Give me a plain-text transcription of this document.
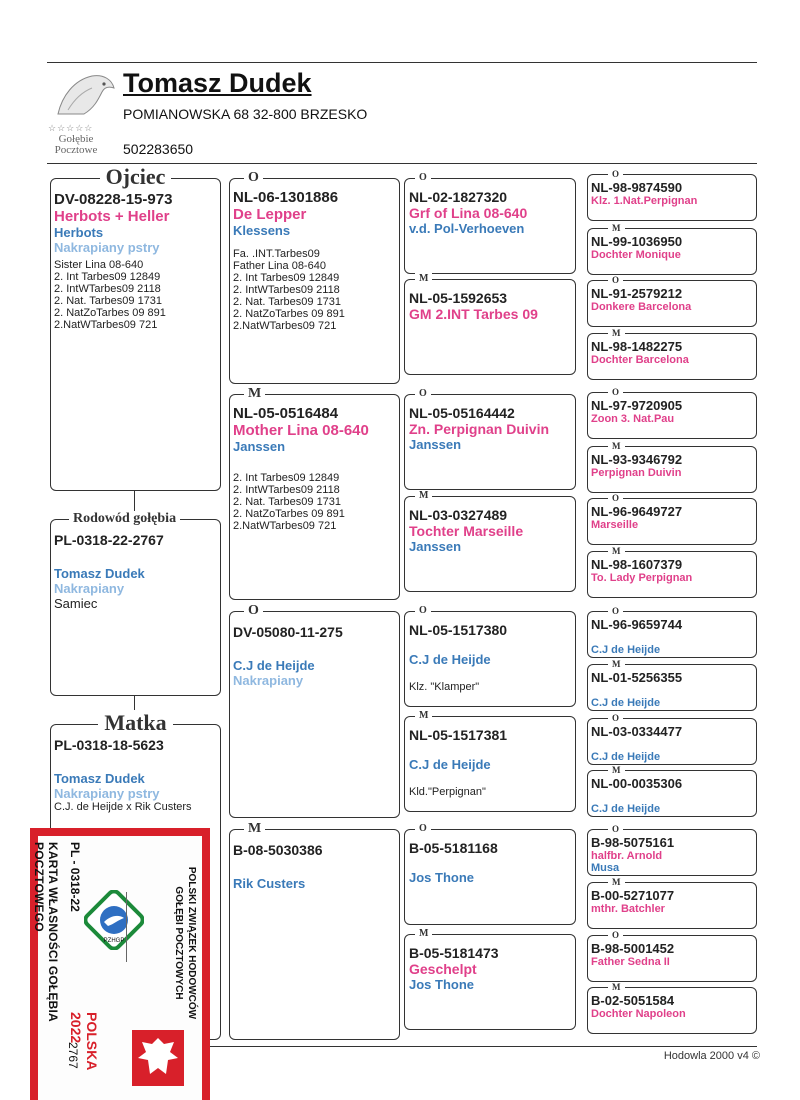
☆☆☆☆☆
Gołębie
Pocztowe
Tomasz Dudek
POMIANOWSKA 68 32-800 BRZESKO
502283650
Ojciec
DV-08228-15-973
Herbots + Heller
Herbots
Nakrapiany pstry
Sister Lina 08-640
2. Int Tarbes09 12849
2. IntWTarbes09 2118
2. Nat. Tarbes09 1731
2. NatZoTarbes 09 891
2.NatWTarbes09 721
Rodowód gołębia
PL-0318-22-2767
Tomasz Dudek
Nakrapiany
Samiec
Matka
PL-0318-18-5623
Tomasz Dudek
Nakrapiany pstry
C.J. de Heijde x Rik Custers
O
NL-06-1301886
De Lepper
Klessens
Fa. .INT.Tarbes09
Father Lina 08-640
2. Int Tarbes09 12849
2. IntWTarbes09 2118
2. Nat. Tarbes09 1731
2. NatZoTarbes 09 891
2.NatWTarbes09 721
M
NL-05-0516484
Mother Lina 08-640
Janssen
2. Int Tarbes09 12849
2. IntWTarbes09 2118
2. Nat. Tarbes09 1731
2. NatZoTarbes 09 891
2.NatWTarbes09 721
O
DV-05080-11-275
C.J de Heijde
Nakrapiany
M
B-08-5030386
Rik Custers
O
NL-02-1827320
Grf of Lina 08-640
v.d. Pol-Verhoeven
M
NL-05-1592653
GM 2.INT Tarbes 09
O
NL-05-05164442
Zn. Perpignan Duivin
Janssen
M
NL-03-0327489
Tochter Marseille
Janssen
O
NL-05-1517380
C.J de Heijde
Klz. "Klamper"
M
NL-05-1517381
C.J de Heijde
Kld."Perpignan"
O
B-05-5181168
Jos Thone
M
B-05-5181473
Geschelpt
Jos Thone
O
NL-98-9874590
Klz. 1.Nat.Perpignan
M
NL-99-1036950
Dochter Monique
O
NL-91-2579212
Donkere Barcelona
M
NL-98-1482275
Dochter Barcelona
O
NL-97-9720905
Zoon 3. Nat.Pau
M
NL-93-9346792
Perpignan Duivin
O
NL-96-9649727
Marseille
M
NL-98-1607379
To. Lady Perpignan
O
NL-96-9659744
C.J de Heijde
M
NL-01-5256355
C.J de Heijde
O
NL-03-0334477
C.J de Heijde
M
NL-00-0035306
C.J de Heijde
O
B-98-5075161
halfbr. Arnold
Musa
M
B-00-5271077
mthr. Batchler
O
B-98-5001452
Father Sedna II
M
B-02-5051584
Dochter Napoleon
Hodowla 2000 v4 ©
POLSKI ZWIĄZEK HODOWCÓW GOŁĘBI POCZTOWYCH
KARTA WŁASNOŚCI GOŁĘBIA POCZTOWEGO	PL - 0318-22
2767 POLSKA 2022
PZHGP
